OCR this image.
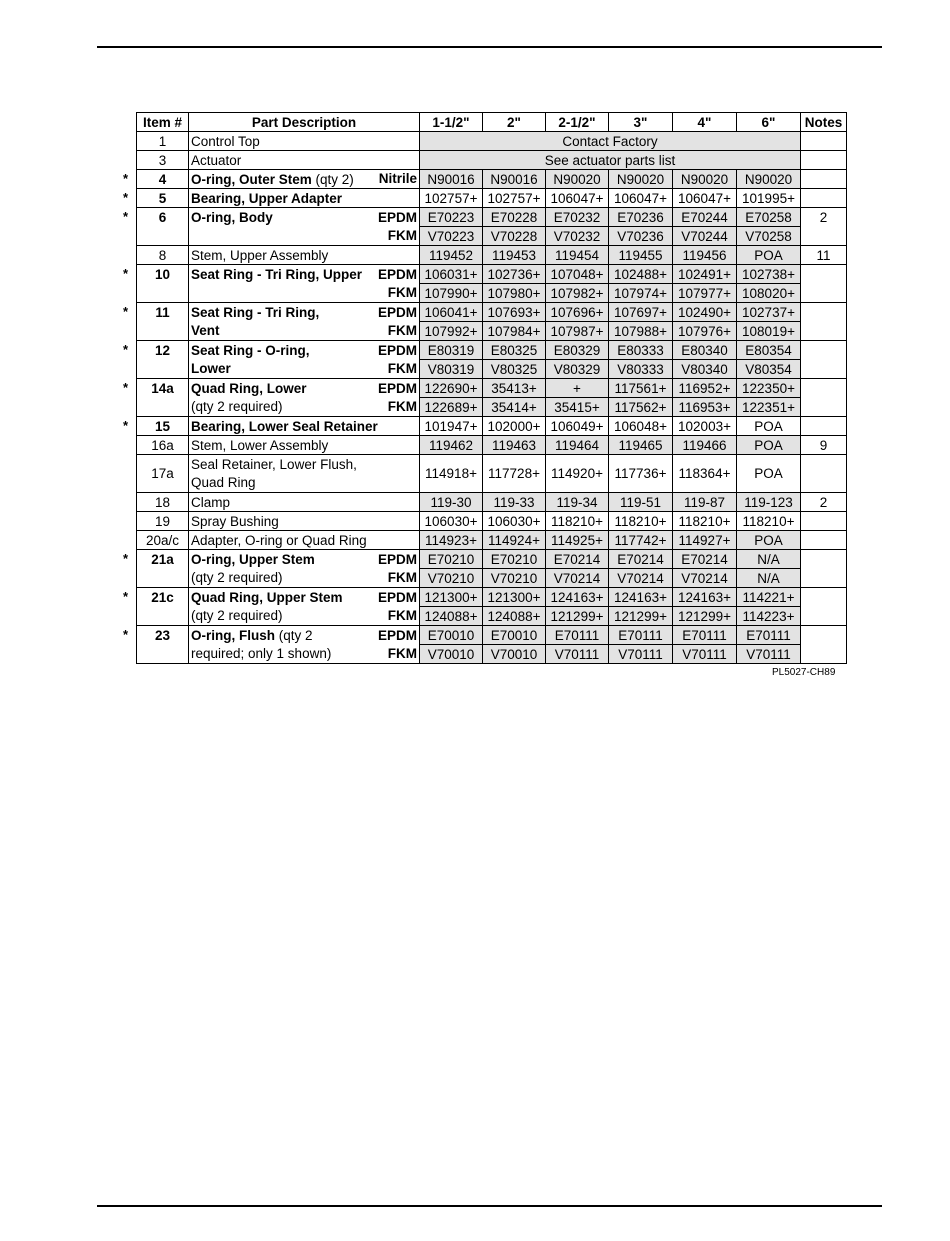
Item #	Part Description	1-1/2"	2"	2-1/2"	3"	4"	6"	Notes
1	Control Top	Contact Factory						
3	Actuator	See actuator parts list						
4	O-ring, Outer Stem (qty 2) Nitrile	N90016	N90016	N90020	N90020	N90020	N90020	
5	Bearing, Upper Adapter	102757+	102757+	106047+	106047+	106047+	101995+	
6	O-ring, Body EPDM	E70223	E70228	E70232	E70236	E70244	E70258	2

	FKM	V70223	V70228	V70232	V70236	V70244	V70258	
8	Stem, Upper Assembly	119452	119453	119454	119455	119456	POA	11
10	Seat Ring - Tri Ring, Upper EPDM	106031+	102736+	107048+	102488+	102491+	102738+	

	FKM	107990+	107980+	107982+	107974+	107977+	108020+	
11	Seat Ring - Tri Ring, EPDM	106041+	107693+	107696+	107697+	102490+	102737+	
	Vent FKM	107992+	107984+	107987+	107988+	107976+	108019+	
12	Seat Ring - O-ring, EPDM	E80319	E80325	E80329	E80333	E80340	E80354	
	Lower FKM	V80319	V80325	V80329	V80333	V80340	V80354	
14a	Quad Ring, Lower EPDM	122690+	35413+	+	117561+	116952+	122350+	
	(qty 2 required) FKM	122689+	35414+	35415+	117562+	116953+	122351+	
15	Bearing, Lower Seal Retainer	101947+	102000+	106049+	106048+	102003+	POA	
16a	Stem, Lower Assembly	119462	119463	119464	119465	119466	POA	9
17a	Seal Retainer, Lower Flush,
Quad Ring	114918+	117728+	114920+	117736+	118364+	POA	
18	Clamp	119-30	119-33	119-34	119-51	119-87	119-123	2
19	Spray Bushing	106030+	106030+	118210+	118210+	118210+	118210+	
20a/c	Adapter, O-ring or Quad Ring	114923+	114924+	114925+	117742+	114927+	POA	
21a	O-ring, Upper Stem EPDM	E70210	E70210	E70214	E70214	E70214	N/A	
	(qty 2 required) FKM	V70210	V70210	V70214	V70214	V70214	N/A	
21c	Quad Ring, Upper Stem EPDM	121300+	121300+	124163+	124163+	124163+	114221+	
	(qty 2 required) FKM	124088+	124088+	121299+	121299+	121299+	114223+	
23	O-ring, Flush (qty 2 EPDM	E70010	E70010	E70111	E70111	E70111	E70111	
	required; only 1 shown) FKM	V70010	V70010	V70111	V70111	V70111	V70111	
*
*
*
*
*
*
*
*
*
*
*
PL5027-CH89
